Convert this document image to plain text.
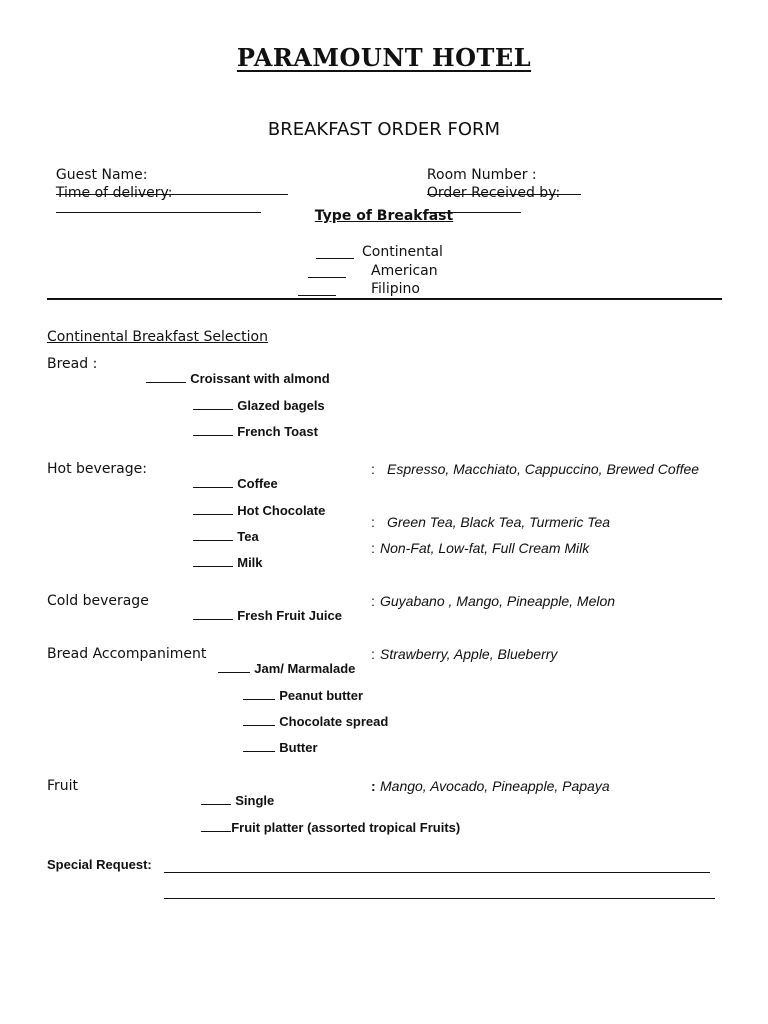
PARAMOUNT HOTEL
BREAKFAST ORDER FORM

Guest Name:
	Room Number :

Time of delivery:
	Order Received by:

Type of Breakfast
Continental
American
Filipino
Continental Breakfast Selection
Bread :

Croissant with almond

Glazed bagels

French Toast

Hot beverage:

Coffee

: Espresso, Macchiato, Cappuccino, Brewed Coffee

Hot Chocolate

Tea

: Green Tea, Black Tea, Turmeric Tea

Milk

: Non-Fat, Low-fat, Full Cream Milk
Cold beverage

Fresh Fruit Juice

: Guyabano , Mango, Pineapple, Melon
Bread Accompaniment

Jam/ Marmalade

: Strawberry, Apple, Blueberry

Peanut butter

Chocolate spread

Butter

Fruit

Single

: Mango, Avocado, Pineapple, Papaya

Fruit platter (assorted tropical Fruits)

Special Request:
